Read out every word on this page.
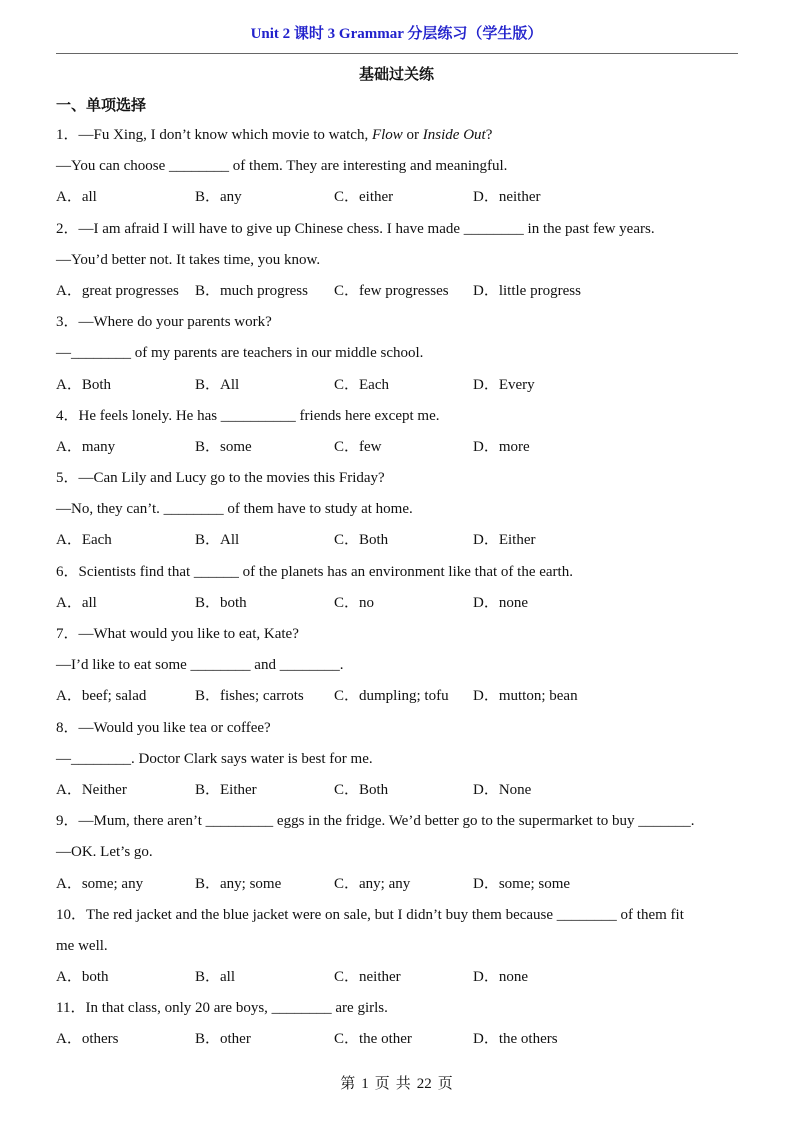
Unit 2 课时 3 Grammar 分层练习（学生版）
基础过关练
一、单项选择
1．—Fu Xing, I don’t know which movie to watch, Flow or Inside Out?
—You can choose ________ of them. They are interesting and meaningful.
A．all	B．any	C．either	D．neither
2．—I am afraid I will have to give up Chinese chess. I have made ________ in the past few years.
—You’d better not. It takes time, you know.
A．great progresses	B．much progress	C．few progresses	D．little progress
3．—Where do your parents work?
—________ of my parents are teachers in our middle school.
A．Both	B．All	C．Each	D．Every
4．He feels lonely. He has __________ friends here except me.
A．many	B．some	C．few	D．more
5．—Can Lily and Lucy go to the movies this Friday?
—No, they can’t. ________ of them have to study at home.
A．Each	B．All	C．Both	D．Either
6．Scientists find that ______ of the planets has an environment like that of the earth.
A．all	B．both	C．no	D．none
7．—What would you like to eat, Kate?
—I’d like to eat some ________ and ________.
A．beef; salad	B．fishes; carrots	C．dumpling; tofu	D．mutton; bean
8．—Would you like tea or coffee?
—________. Doctor Clark says water is best for me.
A．Neither	B．Either	C．Both	D．None
9．—Mum, there aren’t _________ eggs in the fridge. We’d better go to the supermarket to buy _______.
—OK. Let’s go.
A．some; any	B．any; some	C．any; any	D．some; some
10．The red jacket and the blue jacket were on sale, but I didn’t buy them because ________ of them fit
me well.
A．both	B．all	C．neither	D．none
11．In that class, only 20 are boys, ________ are girls.
A．others	B．other	C．the other	D．the others
第 1 页 共 22 页
